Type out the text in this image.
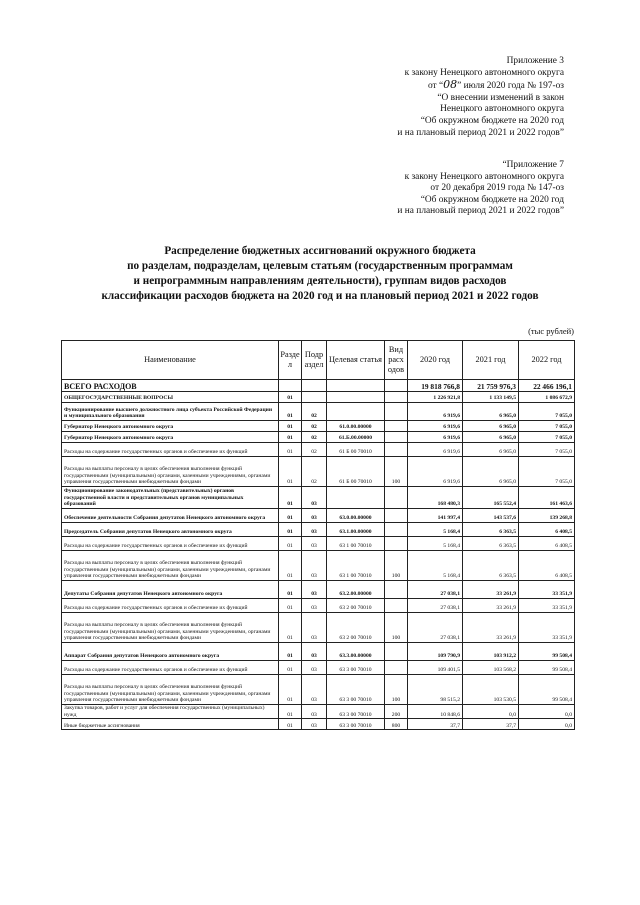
Приложение 3
к закону Ненецкого автономного округа
от “08” июля 2020 года № 197-оз
“О внесении изменений в закон
Ненецкого автономного округа
“Об окружном бюджете на 2020 год
и на плановый период 2021 и 2022 годов”
“Приложение 7
к закону Ненецкого автономного округа
от 20 декабря 2019 года № 147-оз
“Об окружном бюджете на 2020 год
и на плановый период 2021 и 2022 годов”
Распределение бюджетных ассигнований окружного бюджета
по разделам, подразделам, целевым статьям (государственным программам
и непрограммным направлениям деятельности), группам видов расходов
классификации расходов бюджета на 2020 год и на плановый период 2021 и 2022 годов
(тыс рублей)
Наименование	Разде л	Подр аздел	Целевая статья	Вид расх одов	2020 год	2021 год	2022 год
ВСЕГО РАСХОДОВ					19 818 766,8	21 759 976,3	22 466 196,1
ОБЩЕГОСУДАРСТВЕННЫЕ ВОПРОСЫ	01				1 226 921,8	1 133 149,5	1 086 672,9
Функционирование высшего должностного лица субъекта Российской Федерации и муниципального образования	01	02			6 919,6	6 965,0	7 055,0
Губернатор Ненецкого автономного округа	01	02	61.0.00.00000		6 919,6	6 965,0	7 055,0
Губернатор Ненецкого автономного округа	01	02	61.Б.00.00000		6 919,6	6 965,0	7 055,0
Расходы на содержание государственных органов и обеспечение их функций	01	02	61 Б 00 70010		6 919,6	6 965,0	7 055,0
Расходы на выплаты персоналу в целях обеспечения выполнения функций государственными (муниципальными) органами, казенными учреждениями, органами управления государственными внебюджетными фондами	01	02	61 Б 00 70010	100	6 919,6	6 965,0	7 055,0
Функционирование законодательных (представительных) органов государственной власти и представительных органов муниципальных образований	01	03			168 480,3	165 552,4	161 463,6
Обеспечение деятельности Собрания депутатов Ненецкого автономного округа	01	03	63.0.00.00000		141 997,4	143 537,6	139 268,8
Председатель Собрания депутатов Ненецкого автономного округа	01	03	63.1.00.00000		5 168,4	6 363,5	6 408,5
Расходы на содержание государственных органов и обеспечение их функций	01	03	63 1 00 70010		5 168,4	6 363,5	6 408,5
Расходы на выплаты персоналу в целях обеспечения выполнения функций государственными (муниципальными) органами, казенными учреждениями, органами управления государственными внебюджетными фондами	01	03	63 1 00 70010	100	5 168,4	6 363,5	6 408,5
Депутаты Собрания депутатов Ненецкого автономного округа	01	03	63.2.00.00000		27 038,1	33 261,9	33 351,9
Расходы на содержание государственных органов и обеспечение их функций	01	03	63 2 00 70010		27 038,1	33 261,9	33 351,9
Расходы на выплаты персоналу в целях обеспечения выполнения функций государственными (муниципальными) органами, казенными учреждениями, органами управления государственными внебюджетными фондами	01	03	63 2 00 70010	100	27 038,1	33 261,9	33 351,9
Аппарат Собрания депутатов Ненецкого автономного округа	01	03	63.3.00.00000		109 790,9	103 912,2	99 508,4
Расходы на содержание государственных органов и обеспечение их функций	01	03	63 3 00 70010		109 401,5	103 568,2	99 508,4
Расходы на выплаты персоналу в целях обеспечения выполнения функций государственными (муниципальными) органами, казенными учреждениями, органами управления государственными внебюджетными фондами	01	03	63 3 00 70010	100	98 515,2	103 530,5	99 508,4
Закупка товаров, работ и услуг для обеспечения государственных (муниципальных) нужд	01	03	63 3 00 70010	200	10 848,6	0,0	0,0
Иные бюджетные ассигнования	01	03	63 3 00 70010	800	37,7	37,7	0,0
